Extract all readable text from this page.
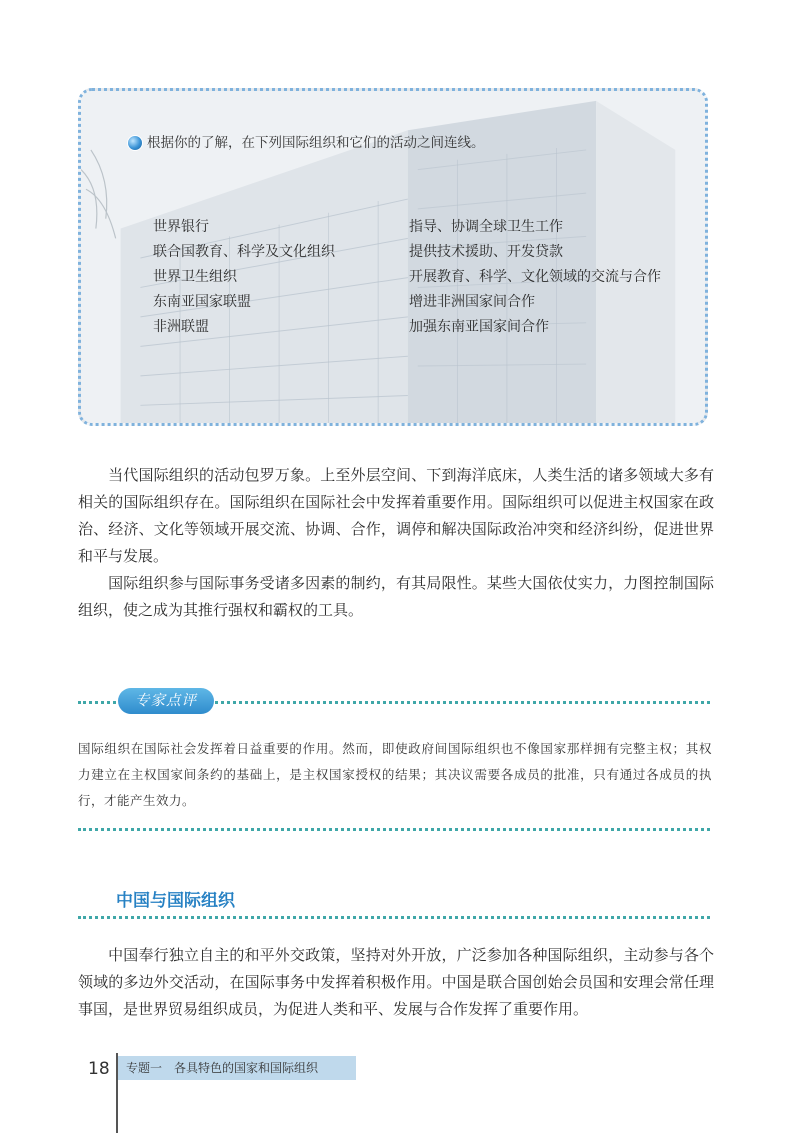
根据你的了解，在下列国际组织和它们的活动之间连线。
世界银行
联合国教育、科学及文化组织
世界卫生组织
东南亚国家联盟
非洲联盟
指导、协调全球卫生工作
提供技术援助、开发贷款
开展教育、科学、文化领域的交流与合作
增进非洲国家间合作
加强东南亚国家间合作
当代国际组织的活动包罗万象。上至外层空间、下到海洋底床，人类生活的诸多领域大多有相关的国际组织存在。国际组织在国际社会中发挥着重要作用。国际组织可以促进主权国家在政治、经济、文化等领域开展交流、协调、合作，调停和解决国际政治冲突和经济纠纷，促进世界和平与发展。
国际组织参与国际事务受诸多因素的制约，有其局限性。某些大国依仗实力，力图控制国际组织，使之成为其推行强权和霸权的工具。
专家点评
国际组织在国际社会发挥着日益重要的作用。然而，即使政府间国际组织也不像国家那样拥有完整主权；其权力建立在主权国家间条约的基础上，是主权国家授权的结果；其决议需要各成员的批准，只有通过各成员的执行，才能产生效力。
中国与国际组织
中国奉行独立自主的和平外交政策，坚持对外开放，广泛参加各种国际组织，主动参与各个领域的多边外交活动，在国际事务中发挥着积极作用。中国是联合国创始会员国和安理会常任理事国，是世界贸易组织成员，为促进人类和平、发展与合作发挥了重要作用。
18	专题一　各具特色的国家和国际组织
